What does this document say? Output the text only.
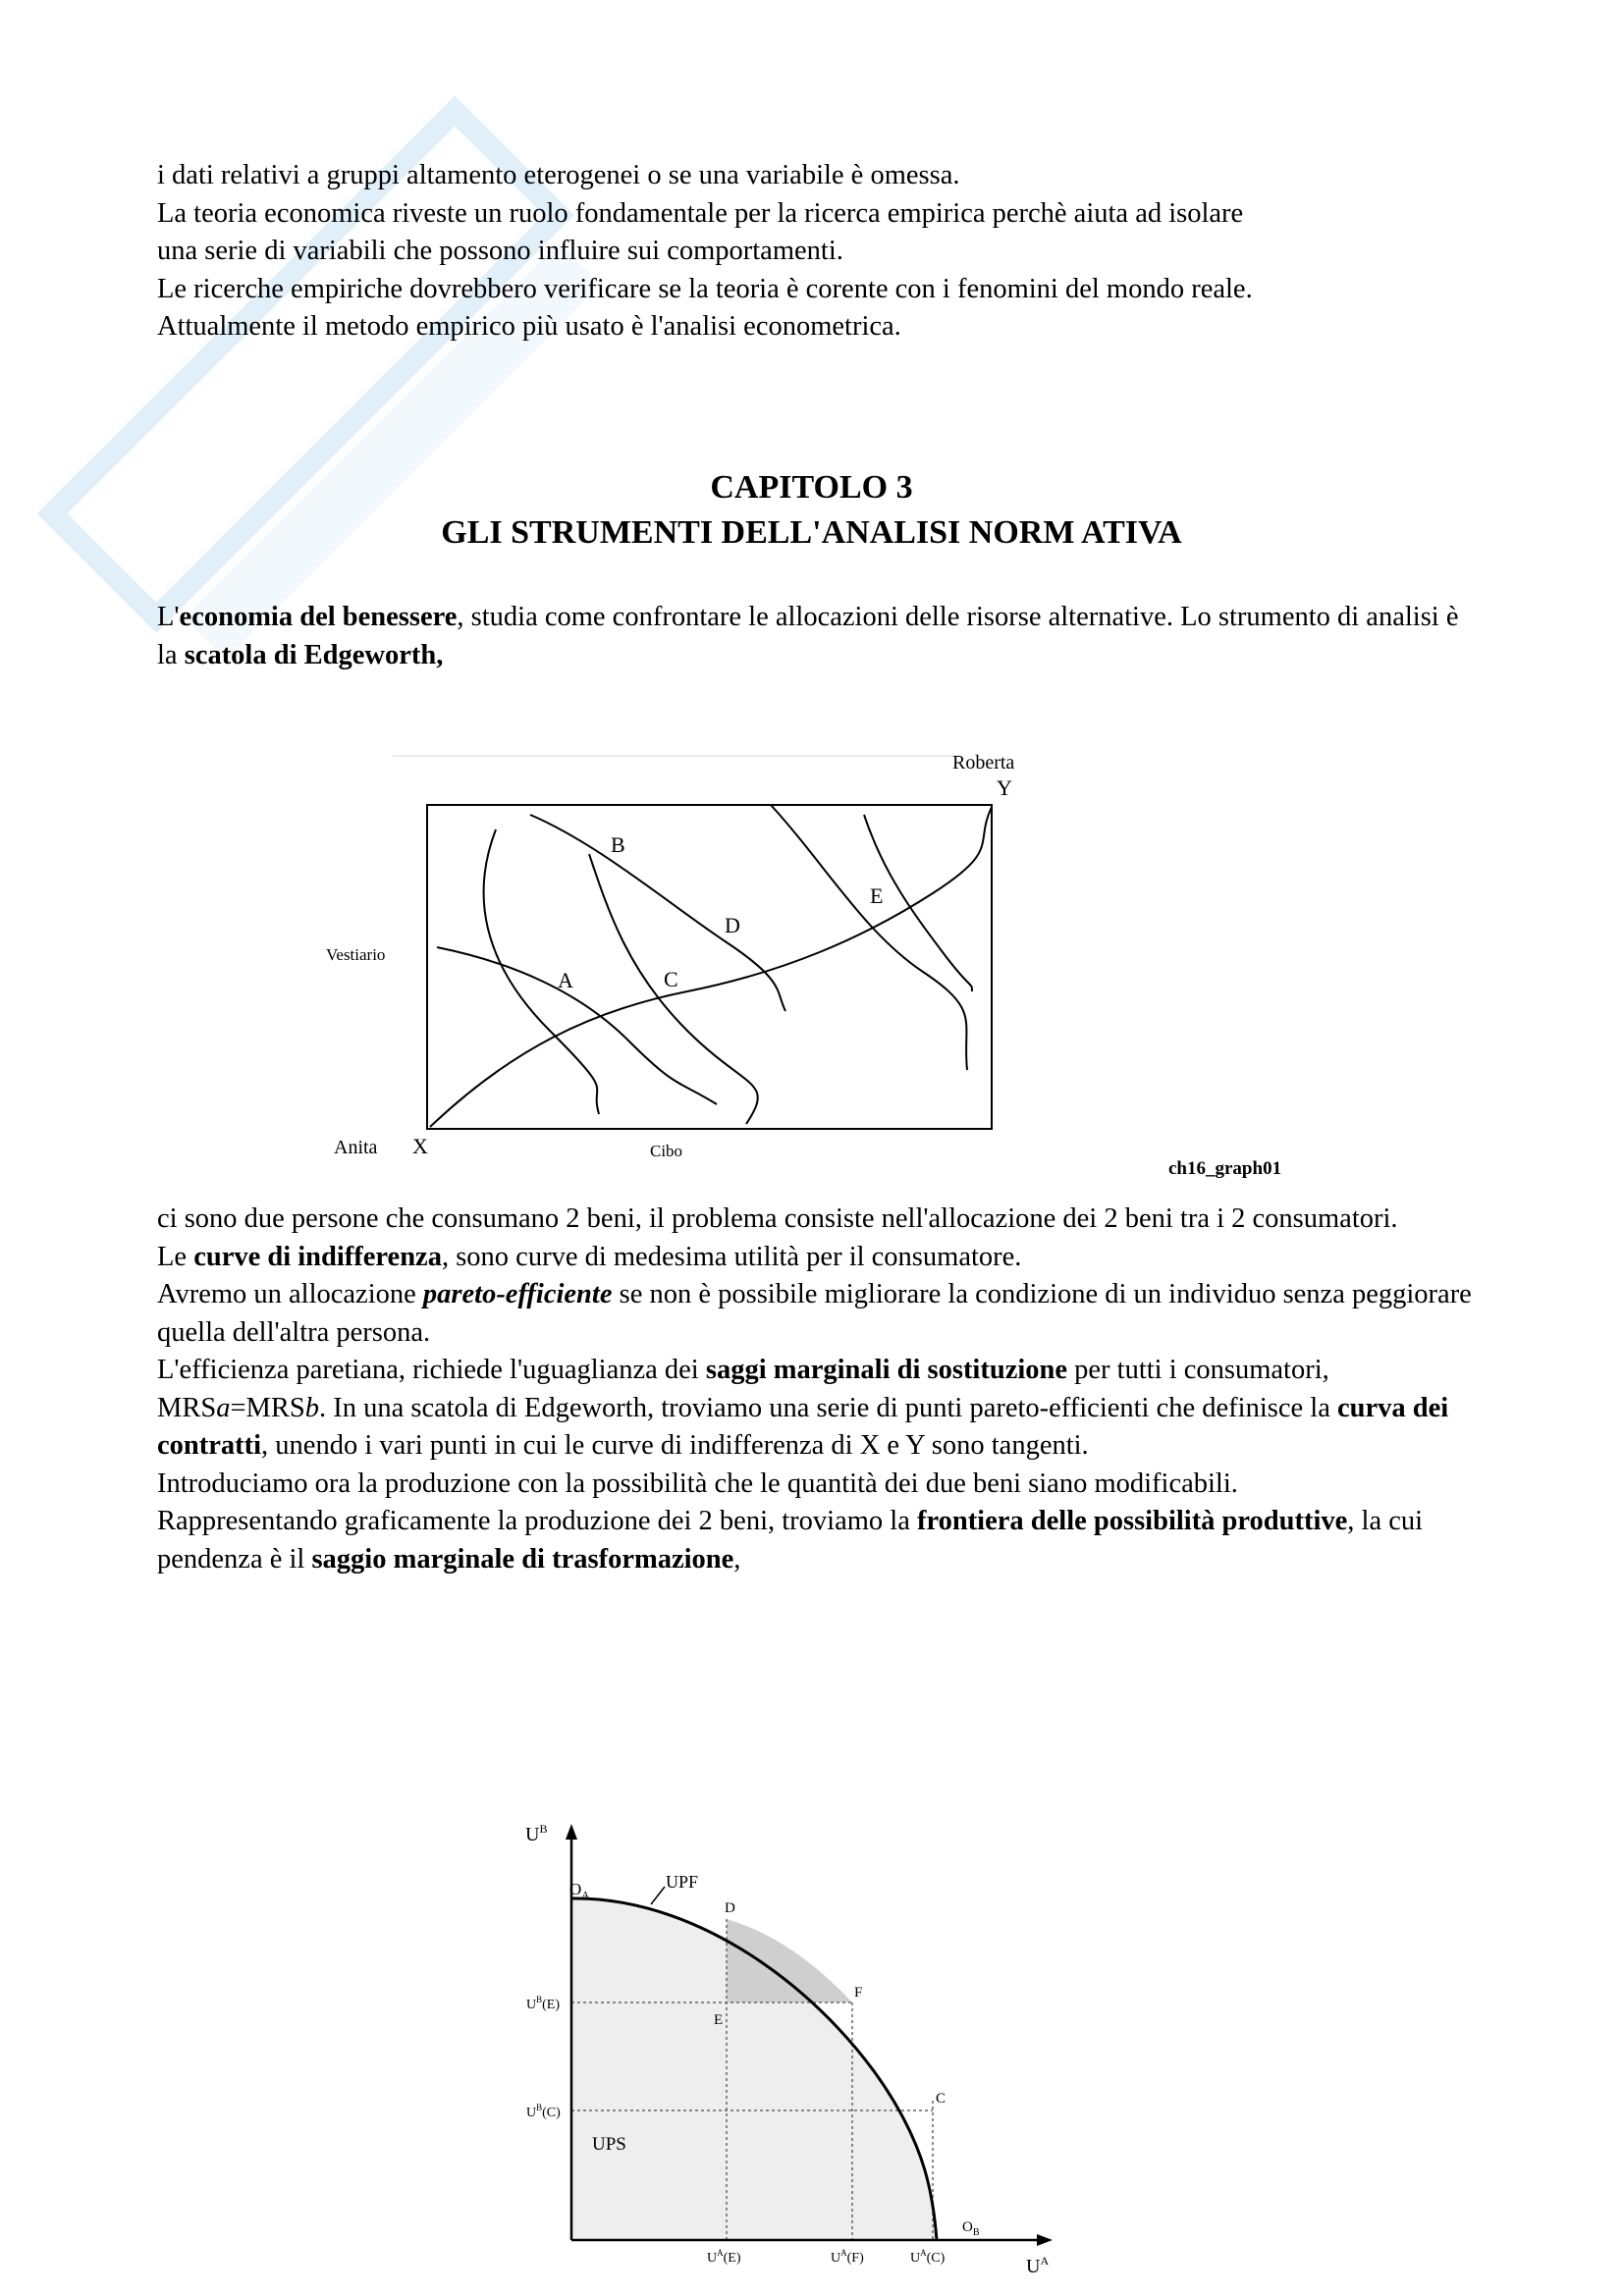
i dati relativi a gruppi altamento eterogenei o se una variabile è omessa.
La teoria economica riveste un ruolo fondamentale per la ricerca empirica perchè aiuta ad isolare
una serie di variabili che possono influire sui comportamenti.
Le ricerche empiriche dovrebbero verificare se la teoria è corente con i fenomini del mondo reale.
Attualmente il metodo empirico più usato è l'analisi econometrica.
CAPITOLO 3
GLI STRUMENTI DELL'ANALISI NORM ATIVA

L'economia del benessere, studia come confrontare le allocazioni delle risorse alternative. Lo strumento di analisi è la scatola di Edgeworth,

Roberta
Y
Vestiario
Anita X	Cibo
A
B
C
D
E
ch16_graph01
ci sono due persone che consumano 2 beni, il problema consiste nell'allocazione dei 2 beni tra i 2 consumatori.
Le curve di indifferenza, sono curve di medesima utilità per il consumatore.
Avremo un allocazione pareto-efficiente se non è possibile migliorare la condizione di un individuo senza peggiorare quella dell'altra persona.
L'efficienza paretiana, richiede l'uguaglianza dei saggi marginali di sostituzione per tutti i consumatori, MRSa=MRSb. In una scatola di Edgeworth, troviamo una serie di punti pareto-efficienti che definisce la curva dei contratti, unendo i vari punti in cui le curve di indifferenza di X e Y sono tangenti.
Introduciamo ora la produzione con la possibilità che le quantità dei due beni siano modificabili.
Rappresentando graficamente la produzione dei 2 beni, troviamo la frontiera delle possibilità produttive, la cui pendenza è il saggio marginale di trasformazione,
$U^B$
$U^A$
$O_A$
UPF
D
E
F
C
UPS
$O_B$
$U^B(E)$
$U^B(C)$
$U^A(E)$	$U^A(F)$	$U^A(C)$
